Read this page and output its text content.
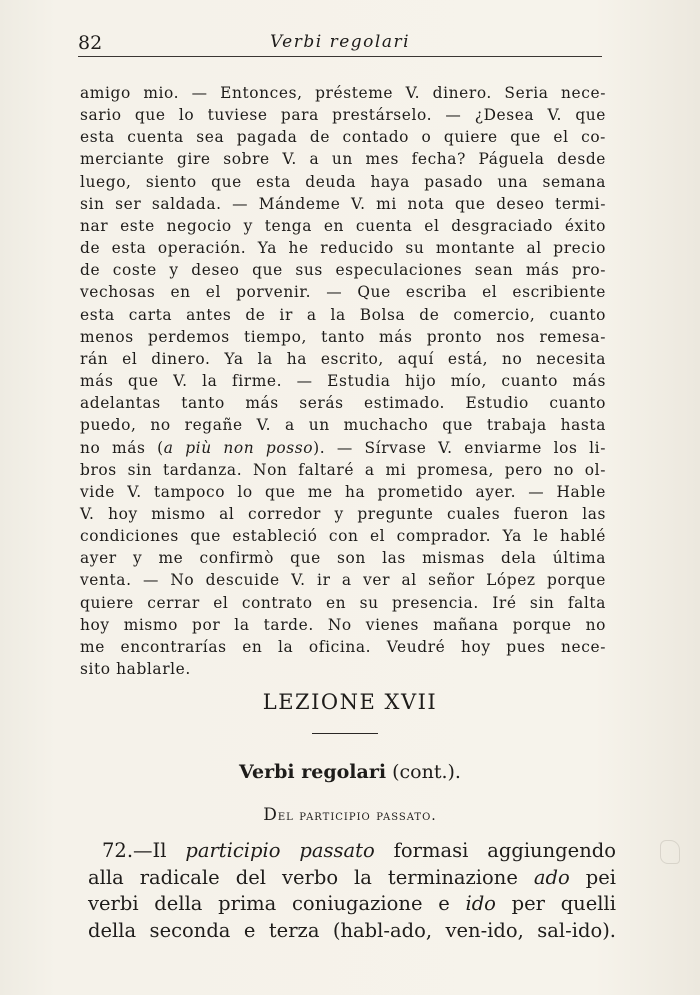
82	Verbi regolari

amigo mio. — Entonces, présteme V. dinero. Seria nece-
sario que lo tuviese para prestárselo. — ¿Desea V. que
esta cuenta sea pagada de contado o quiere que el co-
merciante gire sobre V. a un mes fecha? Páguela desde
luego, siento que esta deuda haya pasado una semana
sin ser saldada. — Mándeme V. mi nota que deseo termi-
nar este negocio y tenga en cuenta el desgraciado éxito
de esta operación. Ya he reducido su montante al precio
de coste y deseo que sus especulaciones sean más pro-
vechosas en el porvenir. — Que escriba el escribiente
esta carta antes de ir a la Bolsa de comercio, cuanto
menos perdemos tiempo, tanto más pronto nos remesa-
rán el dinero. Ya la ha escrito, aquí está, no necesita
más que V. la firme. — Estudia hijo mío, cuanto más
adelantas tanto más serás estimado. Estudio cuanto
puedo, no regañe V. a un muchacho que trabaja hasta
no más (a più non posso). — Sírvase V. enviarme los li-
bros sin tardanza. Non faltaré a mi promesa, pero no ol-
vide V. tampoco lo que me ha prometido ayer. — Hable
V. hoy mismo al corredor y pregunte cuales fueron las
condiciones que estableció con el comprador. Ya le hablé
ayer y me confirmò que son las mismas dela última
venta. — No descuide V. ir a ver al señor López porque
quiere cerrar el contrato en su presencia. Iré sin falta
hoy mismo por la tarde. No vienes mañana porque no
me encontrarías en la oficina. Veudré hoy pues nece-
sito hablarle.

LEZIONE XVII
Verbi regolari (cont.).
Del participio passato.

72.—Il participio passato formasi aggiungendo
alla radicale del verbo la terminazione ado pei
verbi della prima coniugazione e ido per quelli
della seconda e terza (habl-ado, ven-ido, sal-ido).
